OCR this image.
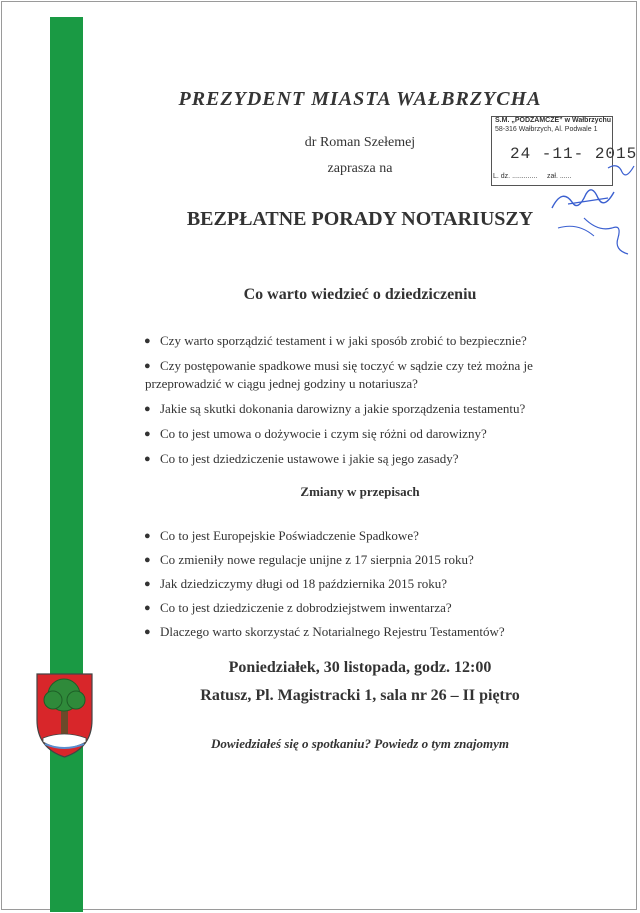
PREZYDENT MIASTA WAŁBRZYCHA
dr Roman Szełemej
zaprasza na
BEZPŁATNE PORADY NOTARIUSZY
Co warto wiedzieć o dziedziczeniu
● Czy warto sporządzić testament i w jaki sposób zrobić to bezpiecznie?
● Czy postępowanie spadkowe musi się toczyć w sądzie czy też można je
przeprowadzić w ciągu jednej godziny u notariusza?
● Jakie są skutki dokonania darowizny a jakie sporządzenia testamentu?
● Co to jest umowa o dożywocie i czym się różni od darowizny?
● Co to jest dziedziczenie ustawowe i jakie są jego zasady?
Zmiany w przepisach
● Co to jest Europejskie Poświadczenie Spadkowe?
● Co zmieniły nowe regulacje unijne z 17 sierpnia 2015 roku?
● Jak dziedziczymy długi od 18 października 2015 roku?
● Co to jest dziedziczenie z dobrodziejstwem inwentarza?
● Dlaczego warto skorzystać z Notarialnego Rejestru Testamentów?
Poniedziałek, 30 listopada, godz. 12:00
Ratusz, Pl. Magistracki 1, sala nr 26 – II piętro
Dowiedziałeś się o spotkaniu? Powiedz o tym znajomym
S.M. „PODZAMCZE” w Wałbrzychu
58-316 Wałbrzych, Al. Podwale 1
24 -11- 2015
L. dz. ............. zał. ......
